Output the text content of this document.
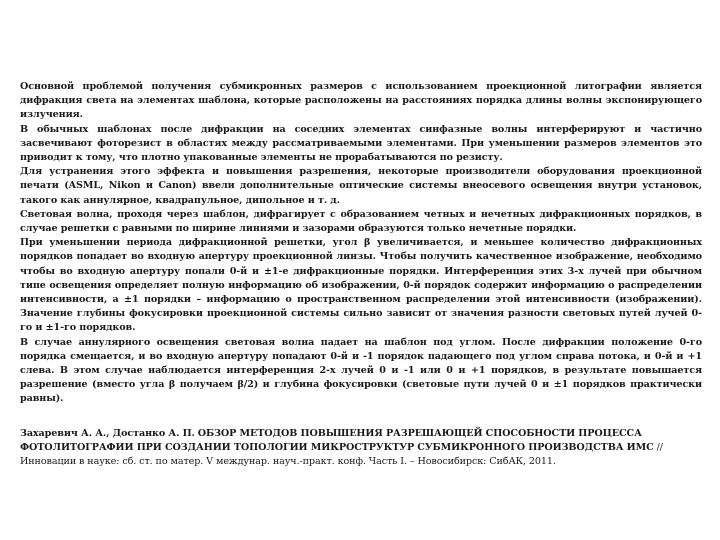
Основной проблемой получения субмикронных размеров с использованием проекционной литографии является дифракция света на элементах шаблона, которые расположены на расстояниях порядка длины волны экспонирующего излучения.

В обычных шаблонах после дифракции на соседних элементах синфазные волны интерферируют и частично засвечивают фоторезист в областях между рассматриваемыми элементами. При уменьшении размеров элементов это приводит к тому, что плотно упакованные элементы не прорабатываются по резисту.

Для устранения этого эффекта и повышения разрешения, некоторые производители оборудования проекционной печати (ASML, Nikon и Canon) ввели дополнительные оптические системы внеосевого освещения внутри установок, такого как аннулярное, квадрапульное, дипольное и т. д.

Световая волна, проходя через шаблон, дифрагирует с образованием четных и нечетных дифракционных порядков, в случае решетки с равными по ширине линиями и зазорами образуются только нечетные порядки.

При уменьшении периода дифракционной решетки, угол β увеличивается, и меньшее количество дифракционных порядков попадает во входную апертуру проекционной линзы. Чтобы получить качественное изображение, необходимо чтобы во входную апертуру попали 0-й и ±1-е дифракционные порядки. Интерференция этих 3-х лучей при обычном типе освещения определяет полную информацию об изображении, 0-й порядок содержит информацию о распределении интенсивности, а ±1 порядки – информацию о пространственном распределении этой интенсивности (изображении). Значение глубины фокусировки проекционной системы сильно зависит от значения разности световых путей лучей 0-го и ±1-го порядков.

В случае аннулярного освещения световая волна падает на шаблон под углом. После дифракции положение 0-го порядка смещается, и во входную апертуру попадают 0-й и -1 порядок падающего под углом справа потока, и 0-й и +1 слева. В этом случае наблюдается интерференция 2-х лучей 0 и -1 или 0 и +1 порядков, в результате повышается разрешение (вместо угла β получаем β/2) и глубина фокусировки (световые пути лучей 0 и ±1 порядков практически равны).

Захаревич А. А., Достанко А. П. ОБЗОР МЕТОДОВ ПОВЫШЕНИЯ РАЗРЕШАЮЩЕЙ СПОСОБНОСТИ ПРОЦЕССА ФОТОЛИТОГРАФИИ ПРИ СОЗДАНИИ ТОПОЛОГИИ МИКРОСТРУКТУР СУБМИКРОННОГО ПРОИЗВОДСТВА ИМС // Инновации в науке: сб. ст. по матер. V междунар. науч.-практ. конф. Часть I. – Новосибирск: СибАК, 2011.
